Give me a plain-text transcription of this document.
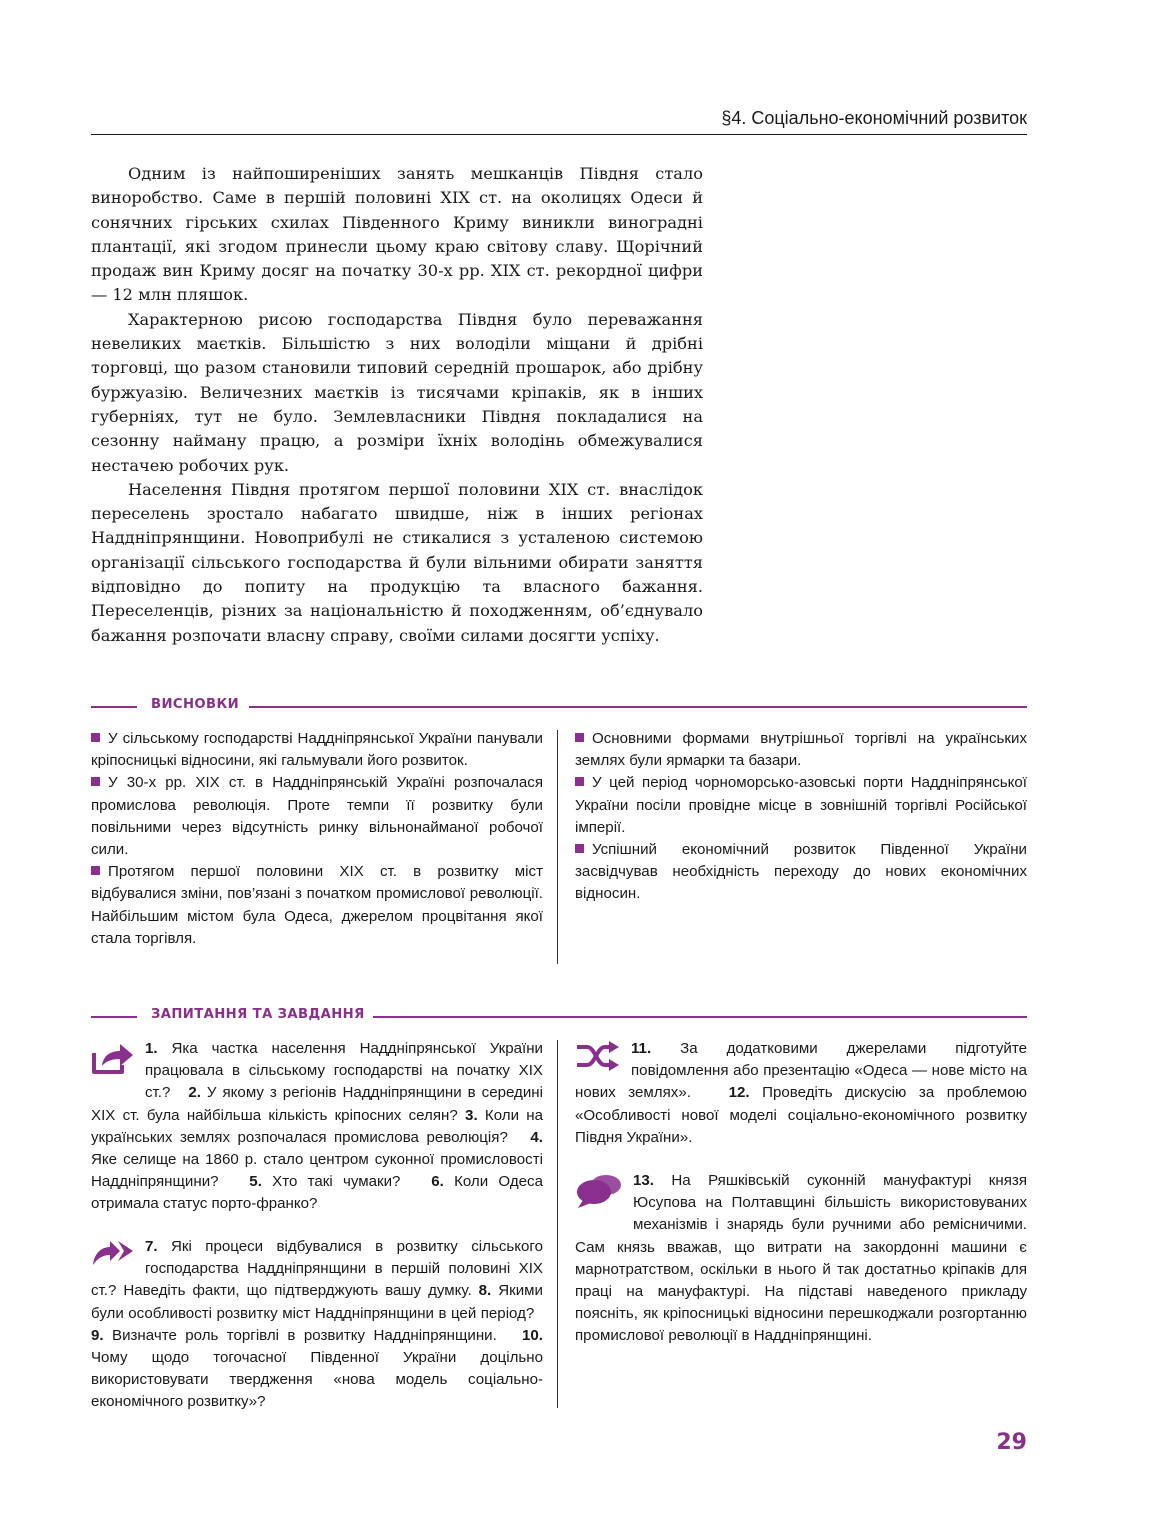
§4. Соціально-економічний розвиток

Одним із найпоширеніших занять мешканців Півдня стало виноробство. Саме в першій половині XIX ст. на околицях Одеси й сонячних гірських схилах Південного Криму виникли виноградні плантації, які згодом принесли цьому краю світову славу. Щорічний продаж вин Криму досяг на початку 30-х рр. XIX ст. рекордної цифри — 12 млн пляшок.

Характерною рисою господарства Півдня було переважання невеликих маєтків. Більшістю з них володіли міщани й дрібні торговці, що разом становили типовий середній прошарок, або дрібну буржуазію. Величезних маєтків із тисячами кріпаків, як в інших губерніях, тут не було. Землевласники Півдня покладалися на сезонну найману працю, а розміри їхніх володінь обмежувалися нестачею робочих рук.

Населення Півдня протягом першої половини XIX ст. внаслідок переселень зростало набагато швидше, ніж в інших регіонах Наддніпрянщини. Новоприбулі не стикалися з усталеною системою організації сільського господарства й були вільними обирати заняття відповідно до попиту на продукцію та власного бажання. Переселенців, різних за національністю й походженням, об’єднувало бажання розпочати власну справу, своїми силами досягти успіху.

ВИСНОВКИ

У сільському господарстві Наддніпрянської України панували кріпосницькі відносини, які гальмували його розвиток.

У 30-х рр. XIX ст. в Наддніпрянській Україні розпочалася промислова революція. Проте темпи її розвитку були повільними через відсутність ринку вільнонайманої робочої сили.

Протягом першої половини XIX ст. в розвитку міст відбувалися зміни, пов’язані з початком промислової революції. Найбільшим містом була Одеса, джерелом процвітання якої стала торгівля.

Основними формами внутрішньої торгівлі на українських землях були ярмарки та базари.

У цей період чорноморсько-азовські порти Наддніпрянської України посіли провідне місце в зовнішній торгівлі Російської імперії.

Успішний економічний розвиток Південної України засвідчував необхідність переходу до нових економічних відносин.

ЗАПИТАННЯ ТА ЗАВДАННЯ
1. Яка частка населення Наддніпрянської України працювала в сільському господарстві на початку XIX ст.? 2. У якому з регіонів Наддніпрянщини в середині XIX ст. була найбільша кількість кріпосних селян? 3. Коли на українських землях розпочалася промислова революція? 4. Яке селище на 1860 р. стало центром суконної промисловості Наддніпрянщини? 5. Хто такі чумаки? 6. Коли Одеса отримала статус порто-франко?
7. Які процеси відбувалися в розвитку сільського господарства Наддніпрянщини в першій половині XIX ст.? Наведіть факти, що підтверджують вашу думку. 8. Якими були особливості розвитку міст Наддніпрянщини в цей період?   9. Визначте роль торгівлі в розвитку Наддніпрянщини. 10. Чому щодо тогочасної Південної України доцільно використовувати твердження «нова модель соціально-економічного розвитку»?
11. За додатковими джерелами підготуйте повідомлення або презентацію «Одеса — нове місто на нових землях». 12. Проведіть дискусію за проблемою «Особливості нової моделі соціально-економічного розвитку Півдня України».
13. На Ряшківській суконній мануфактурі князя Юсупова на Полтавщині більшість використовуваних механізмів і знарядь були ручними або ремісничими. Сам князь вважав, що витрати на закордонні машини є марнотратством, оскільки в нього й так достатньо кріпаків для праці на мануфактурі. На підставі наведеного прикладу поясніть, як кріпосницькі відносини перешкоджали розгортанню промислової революції в Наддніпрянщині.
29
